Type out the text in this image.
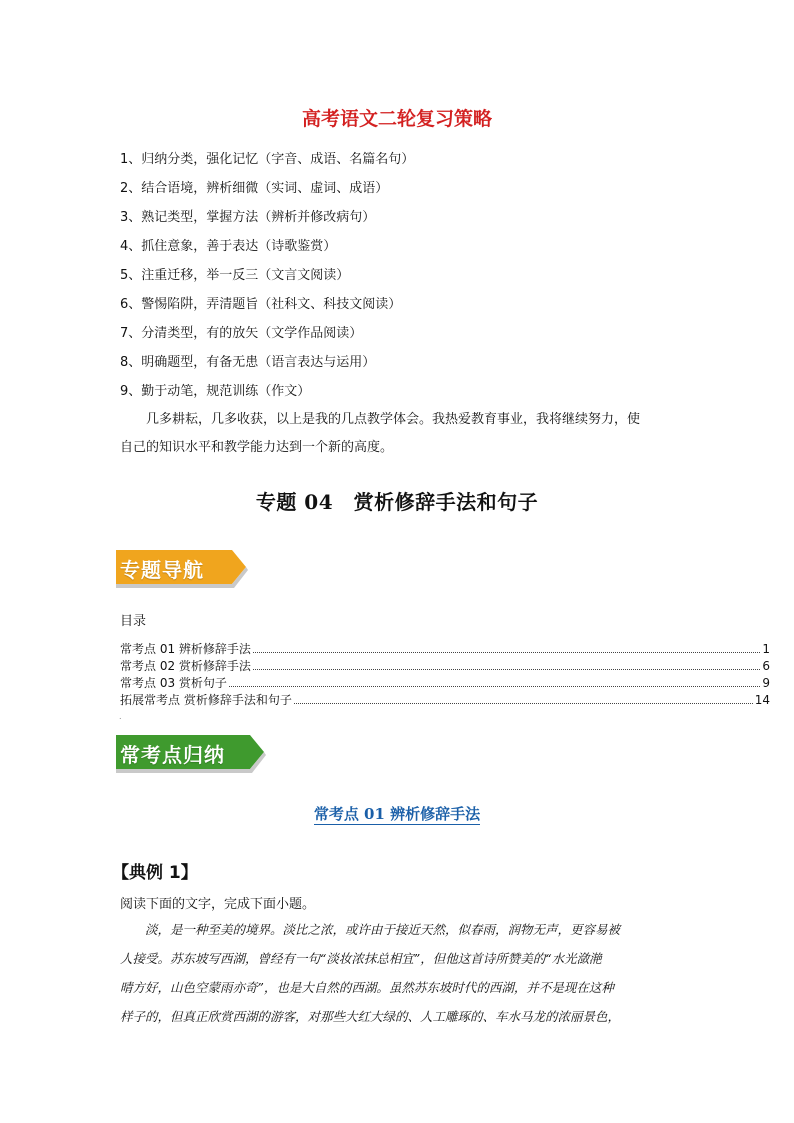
高考语文二轮复习策略
1、归纳分类，强化记忆（字音、成语、名篇名句）
2、结合语境，辨析细微（实词、虚词、成语）
3、熟记类型，掌握方法（辨析并修改病句）
4、抓住意象，善于表达（诗歌鉴赏）
5、注重迁移，举一反三（文言文阅读）
6、警惕陷阱，弄清题旨（社科文、科技文阅读）
7、分清类型，有的放矢（文学作品阅读）
8、明确题型，有备无患（语言表达与运用）
9、勤于动笔，规范训练（作文）
几多耕耘，几多收获，以上是我的几点教学体会。我热爱教育事业，我将继续努力，使
自己的知识水平和教学能力达到一个新的高度。
专题 04　赏析修辞手法和句子
专题导航
目录
常考点 01 辨析修辞手法	1
常考点 02 赏析修辞手法	6
常考点 03 赏析句子	9
拓展常考点 赏析修辞手法和句子	14
.
常考点归纳
常考点 01 辨析修辞手法
【典例 1】
阅读下面的文字，完成下面小题。
淡，是一种至美的境界。淡比之浓，或许由于接近天然，似春雨，润物无声，更容易被
人接受。苏东坡写西湖，曾经有一句“淡妆浓抹总相宜”，但他这首诗所赞美的“水光潋滟
晴方好，山色空蒙雨亦奇”，也是大自然的西湖。虽然苏东坡时代的西湖，并不是现在这种
样子的，但真正欣赏西湖的游客，对那些大红大绿的、人工雕琢的、车水马龙的浓丽景色，
